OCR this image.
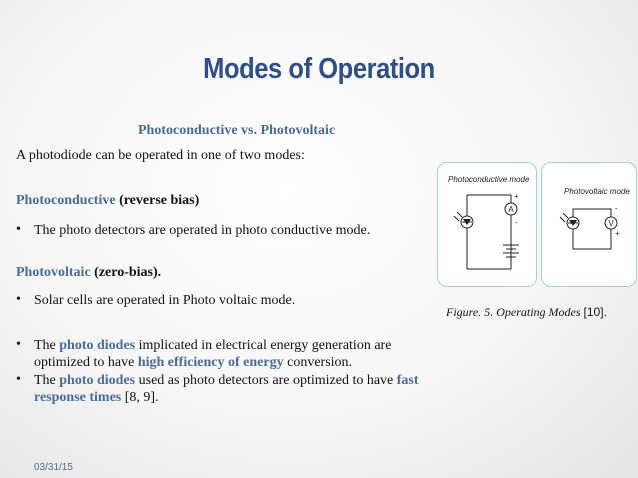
Modes of Operation
Photoconductive vs. Photovoltaic
A photodiode can be operated in one of two modes:
Photoconductive (reverse bias)
• The photo detectors are operated in photo conductive mode.
Photovoltaic (zero-bias).
• Solar cells are operated in Photo voltaic mode.
• The photo diodes implicated in electrical energy generation are
optimized to have high efficiency of energy conversion.
• The photo diodes used as photo detectors are optimized to have fast
response times [8, 9].
Photoconductive mode
A
+
-
Photovoltaic mode
V
-
+
Figure. 5. Operating Modes [10].
03/31/15
